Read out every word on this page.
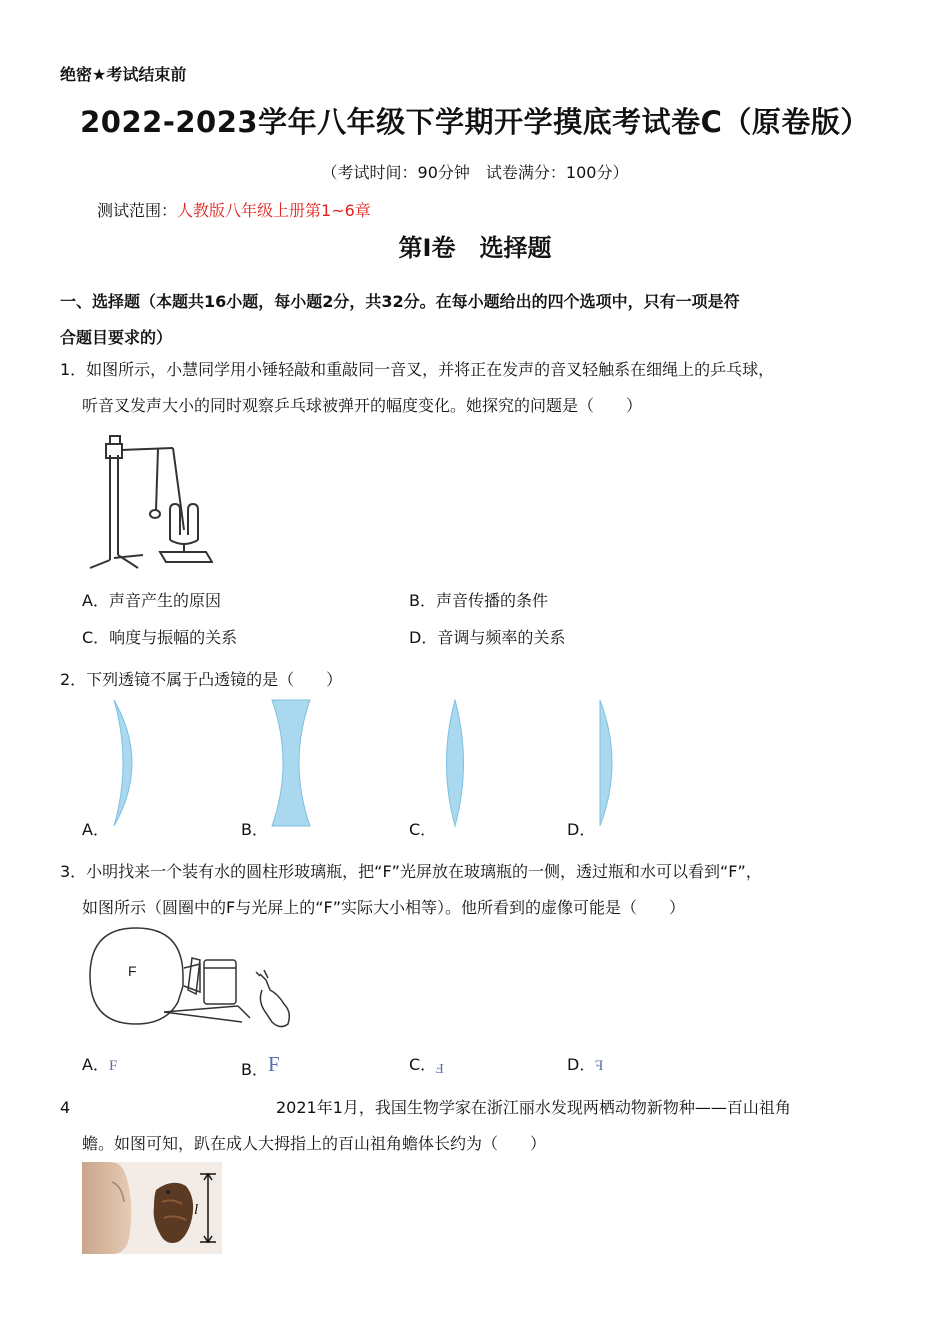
绝密★考试结束前
2022-2023学年八年级下学期开学摸底考试卷C（原卷版）
（考试时间：90分钟　试卷满分：100分）
测试范围：人教版八年级上册第1~6章
第Ⅰ卷　选择题
一、选择题（本题共16小题，每小题2分，共32分。在每小题给出的四个选项中，只有一项是符
合题目要求的）
1．如图所示，小慧同学用小锤轻敲和重敲同一音叉，并将正在发声的音叉轻触系在细绳上的乒乓球，
听音叉发声大小的同时观察乒乓球被弹开的幅度变化。她探究的问题是（　　）
A．声音产生的原因	B．声音传播的条件
C．响度与振幅的关系	D．音调与频率的关系
2．下列透镜不属于凸透镜的是（　　）
A．	B．	C．	D．
3．小明找来一个装有水的圆柱形玻璃瓶，把“F”光屏放在玻璃瓶的一侧，透过瓶和水可以看到“F”，
如图所示（圆圈中的F与光屏上的“F”实际大小相等）。他所看到的虚像可能是（　　）
F
A．F	B．F	C．F	D．F
4	2021年1月，我国生物学家在浙江丽水发现两栖动物新物种——百山祖角
蟾。如图可知，趴在成人大拇指上的百山祖角蟾体长约为（　　）
l
